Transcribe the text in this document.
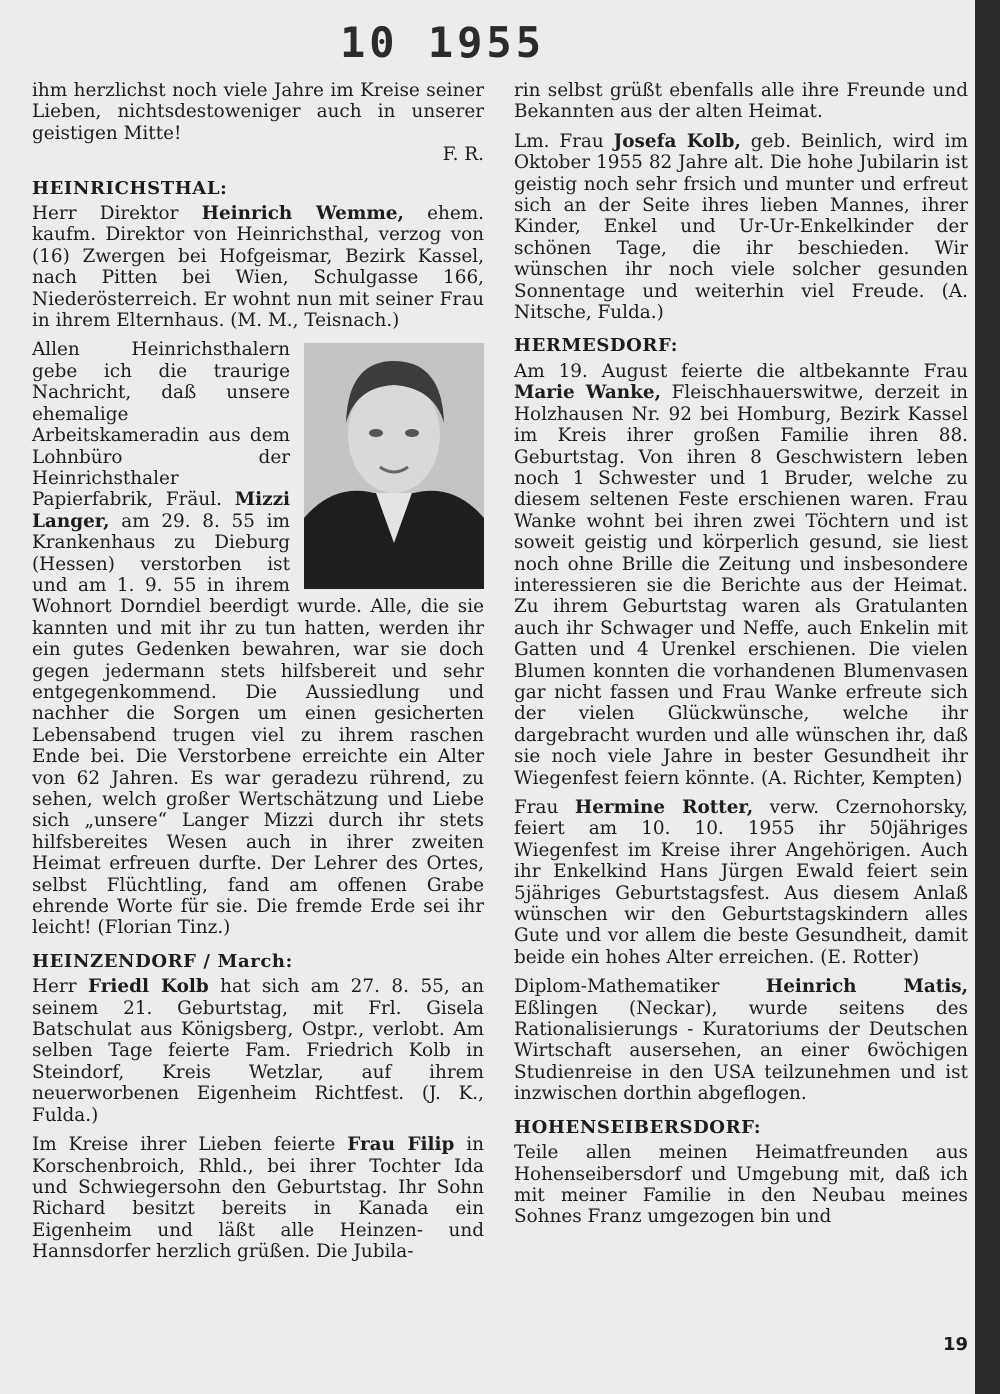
10 1955

ihm herzlichst noch viele Jahre im Kreise seiner Lieben, nichtsdestoweniger auch in unserer geistigen Mitte!
F. R.

HEINRICHSTHAL:

Herr Direktor Heinrich Wemme, ehem. kaufm. Direktor von Heinrichsthal, verzog von (16) Zwergen bei Hofgeismar, Bezirk Kassel, nach Pitten bei Wien, Schulgasse 166, Niederösterreich. Er wohnt nun mit seiner Frau in ihrem Elternhaus. (M. M., Teisnach.)

Allen Heinrichsthalern gebe ich die traurige Nachricht, daß unsere ehemalige Arbeitskameradin aus dem Lohnbüro der Heinrichsthaler Papierfabrik, Fräul. Mizzi Langer, am 29. 8. 55 im Krankenhaus zu Dieburg (Hessen) verstorben ist und am 1. 9. 55 in ihrem Wohnort Dorndiel beerdigt wurde. Alle, die sie kannten und mit ihr zu tun hatten, werden ihr ein gutes Gedenken bewahren, war sie doch gegen jedermann stets hilfsbereit und sehr entgegenkommend. Die Aussiedlung und nachher die Sorgen um einen gesicherten Lebensabend trugen viel zu ihrem raschen Ende bei. Die Verstorbene erreichte ein Alter von 62 Jahren. Es war geradezu rührend, zu sehen, welch großer Wertschätzung und Liebe sich „unsere“ Langer Mizzi durch ihr stets hilfsbereites Wesen auch in ihrer zweiten Heimat erfreuen durfte. Der Lehrer des Ortes, selbst Flüchtling, fand am offenen Grabe ehrende Worte für sie. Die fremde Erde sei ihr leicht! (Florian Tinz.)

HEINZENDORF / March:

Herr Friedl Kolb hat sich am 27. 8. 55, an seinem 21. Geburtstag, mit Frl. Gisela Batschulat aus Königsberg, Ostpr., verlobt. Am selben Tage feierte Fam. Friedrich Kolb in Steindorf, Kreis Wetzlar, auf ihrem neuerworbenen Eigenheim Richtfest. (J. K., Fulda.)

Im Kreise ihrer Lieben feierte Frau Filip in Korschenbroich, Rhld., bei ihrer Tochter Ida und Schwiegersohn den Geburtstag. Ihr Sohn Richard besitzt bereits in Kanada ein Eigenheim und läßt alle Heinzen- und Hannsdorfer herzlich grüßen. Die Jubila-

rin selbst grüßt ebenfalls alle ihre Freunde und Bekannten aus der alten Heimat.

Lm. Frau Josefa Kolb, geb. Beinlich, wird im Oktober 1955 82 Jahre alt. Die hohe Jubilarin ist geistig noch sehr frsich und munter und erfreut sich an der Seite ihres lieben Mannes, ihrer Kinder, Enkel und Ur-Ur-Enkelkinder der schönen Tage, die ihr beschieden. Wir wünschen ihr noch viele solcher gesunden Sonnentage und weiterhin viel Freude. (A. Nitsche, Fulda.)

HERMESDORF:

Am 19. August feierte die altbekannte Frau Marie Wanke, Fleischhauerswitwe, derzeit in Holzhausen Nr. 92 bei Homburg, Bezirk Kassel im Kreis ihrer großen Familie ihren 88. Geburtstag. Von ihren 8 Geschwistern leben noch 1 Schwester und 1 Bruder, welche zu diesem seltenen Feste erschienen waren. Frau Wanke wohnt bei ihren zwei Töchtern und ist soweit geistig und körperlich gesund, sie liest noch ohne Brille die Zeitung und insbesondere interessieren sie die Berichte aus der Heimat. Zu ihrem Geburtstag waren als Gratulanten auch ihr Schwager und Neffe, auch Enkelin mit Gatten und 4 Urenkel erschienen. Die vielen Blumen konnten die vorhandenen Blumenvasen gar nicht fassen und Frau Wanke erfreute sich der vielen Glückwünsche, welche ihr dargebracht wurden und alle wünschen ihr, daß sie noch viele Jahre in bester Gesundheit ihr Wiegenfest feiern könnte. (A. Richter, Kempten)

Frau Hermine Rotter, verw. Czernohorsky, feiert am 10. 10. 1955 ihr 50jähriges Wiegenfest im Kreise ihrer Angehörigen. Auch ihr Enkelkind Hans Jürgen Ewald feiert sein 5jähriges Geburtstagsfest. Aus diesem Anlaß wünschen wir den Geburtstagskindern alles Gute und vor allem die beste Gesundheit, damit beide ein hohes Alter erreichen. (E. Rotter)

Diplom-Mathematiker Heinrich Matis, Eßlingen (Neckar), wurde seitens des Rationalisierungs - Kuratoriums der Deutschen Wirtschaft ausersehen, an einer 6wöchigen Studienreise in den USA teilzunehmen und ist inzwischen dorthin abgeflogen.

HOHENSEIBERSDORF:

Teile allen meinen Heimatfreunden aus Hohenseibersdorf und Umgebung mit, daß ich mit meiner Familie in den Neubau meines Sohnes Franz umgezogen bin und

19
